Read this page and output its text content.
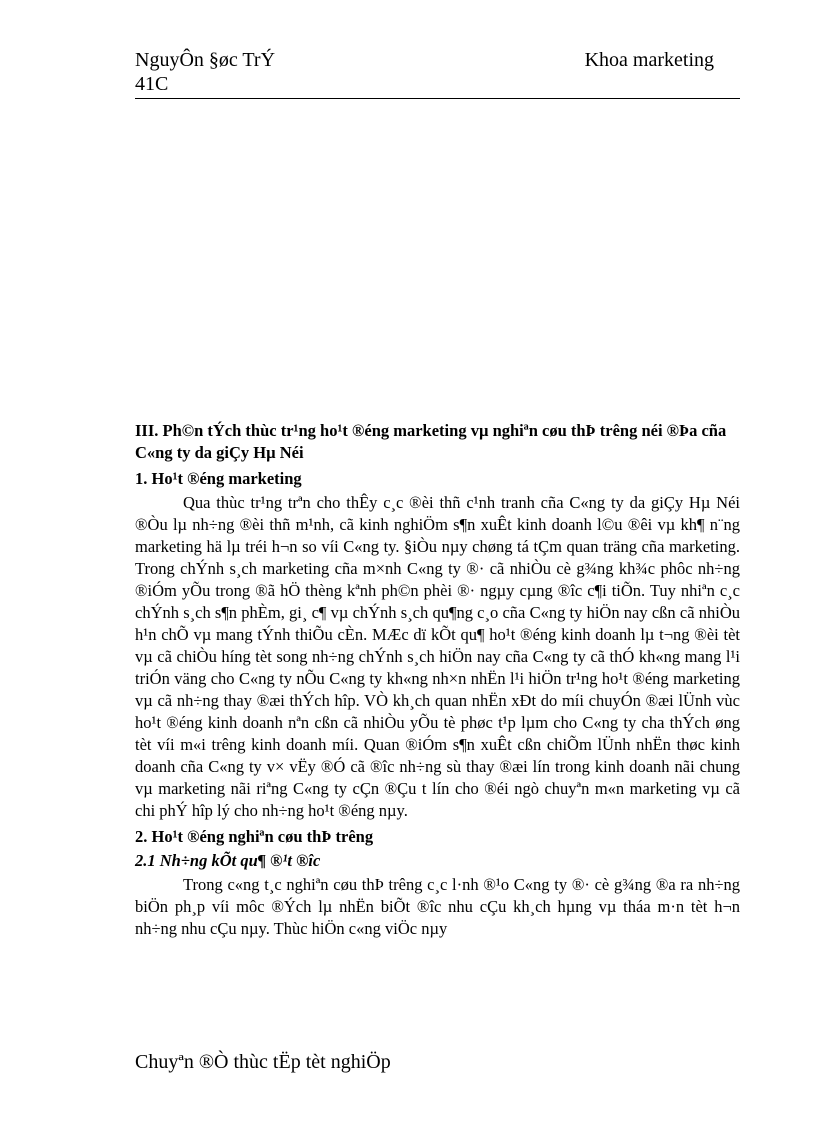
NguyÔn §øc TrÝ
41C
Khoa marketing
III. Ph©n tÝch thùc tr¹ng ho¹t ®éng marketing vµ nghiªn cøu thÞ trêng néi ®Þa cña C«ng ty da giÇy Hµ Néi
1. Ho¹t ®éng marketing

Qua thùc tr¹ng trªn cho thÊy c¸c ®èi thñ c¹nh tranh cña C«ng ty da giÇy Hµ Néi ®Òu lµ nh÷ng ®èi thñ m¹nh, cã kinh nghiÖm s¶n xuÊt kinh doanh l©u ®êi vµ kh¶ n¨ng marketing hä lµ tréi h¬n so víi C«ng ty. §iÒu nµy chøng tá tÇm quan träng cña marketing. Trong chÝnh s¸ch marketing cña m×nh C«ng ty ®· cã nhiÒu cè g¾ng kh¾c phôc nh÷ng ®iÓm yÕu trong ®ã hÖ thèng kªnh ph©n phèi ®· ngµy cµng ®îc c¶i tiÕn. Tuy nhiªn c¸c chÝnh s¸ch s¶n phÈm, gi¸ c¶ vµ chÝnh s¸ch qu¶ng c¸o cña C«ng ty hiÖn nay cßn cã nhiÒu h¹n chÕ vµ mang tÝnh thiÕu cÈn. MÆc dï kÕt qu¶ ho¹t ®éng kinh doanh lµ t¬ng ®èi tèt vµ cã chiÒu híng tèt song nh÷ng chÝnh s¸ch hiÖn nay cña C«ng ty cã thÓ kh«ng mang l¹i triÓn väng cho C«ng ty nÕu C«ng ty kh«ng nh×n nhËn l¹i hiÖn tr¹ng ho¹t ®éng marketing vµ cã nh÷ng thay ®æi thÝch hîp. VÒ kh¸ch quan nhËn xÐt do míi chuyÓn ®æi lÜnh vùc ho¹t ®éng kinh doanh nªn cßn cã nhiÒu yÕu tè phøc t¹p lµm cho C«ng ty cha thÝch øng tèt víi m«i trêng kinh doanh míi. Quan ®iÓm s¶n xuÊt cßn chiÕm lÜnh nhËn thøc kinh doanh cña C«ng ty v× vËy ®Ó cã ®îc nh÷ng sù thay ®æi lín trong kinh doanh nãi chung vµ marketing nãi riªng C«ng ty cÇn ®Çu t lín cho ®éi ngò chuyªn m«n marketing vµ cã chi phÝ hîp lý cho nh÷ng ho¹t ®éng nµy.

2. Ho¹t ®éng nghiªn cøu thÞ trêng
2.1 Nh÷ng kÕt qu¶ ®¹t ®îc

Trong c«ng t¸c nghiªn cøu thÞ trêng c¸c l·nh ®¹o C«ng ty ®· cè g¾ng ®a ra nh÷ng biÖn ph¸p víi môc ®Ých lµ nhËn biÕt ®îc nhu cÇu kh¸ch hµng vµ tháa m·n tèt h¬n nh÷ng nhu cÇu nµy. Thùc hiÖn c«ng viÖc nµy

Chuyªn ®Ò thùc tËp tèt nghiÖp
